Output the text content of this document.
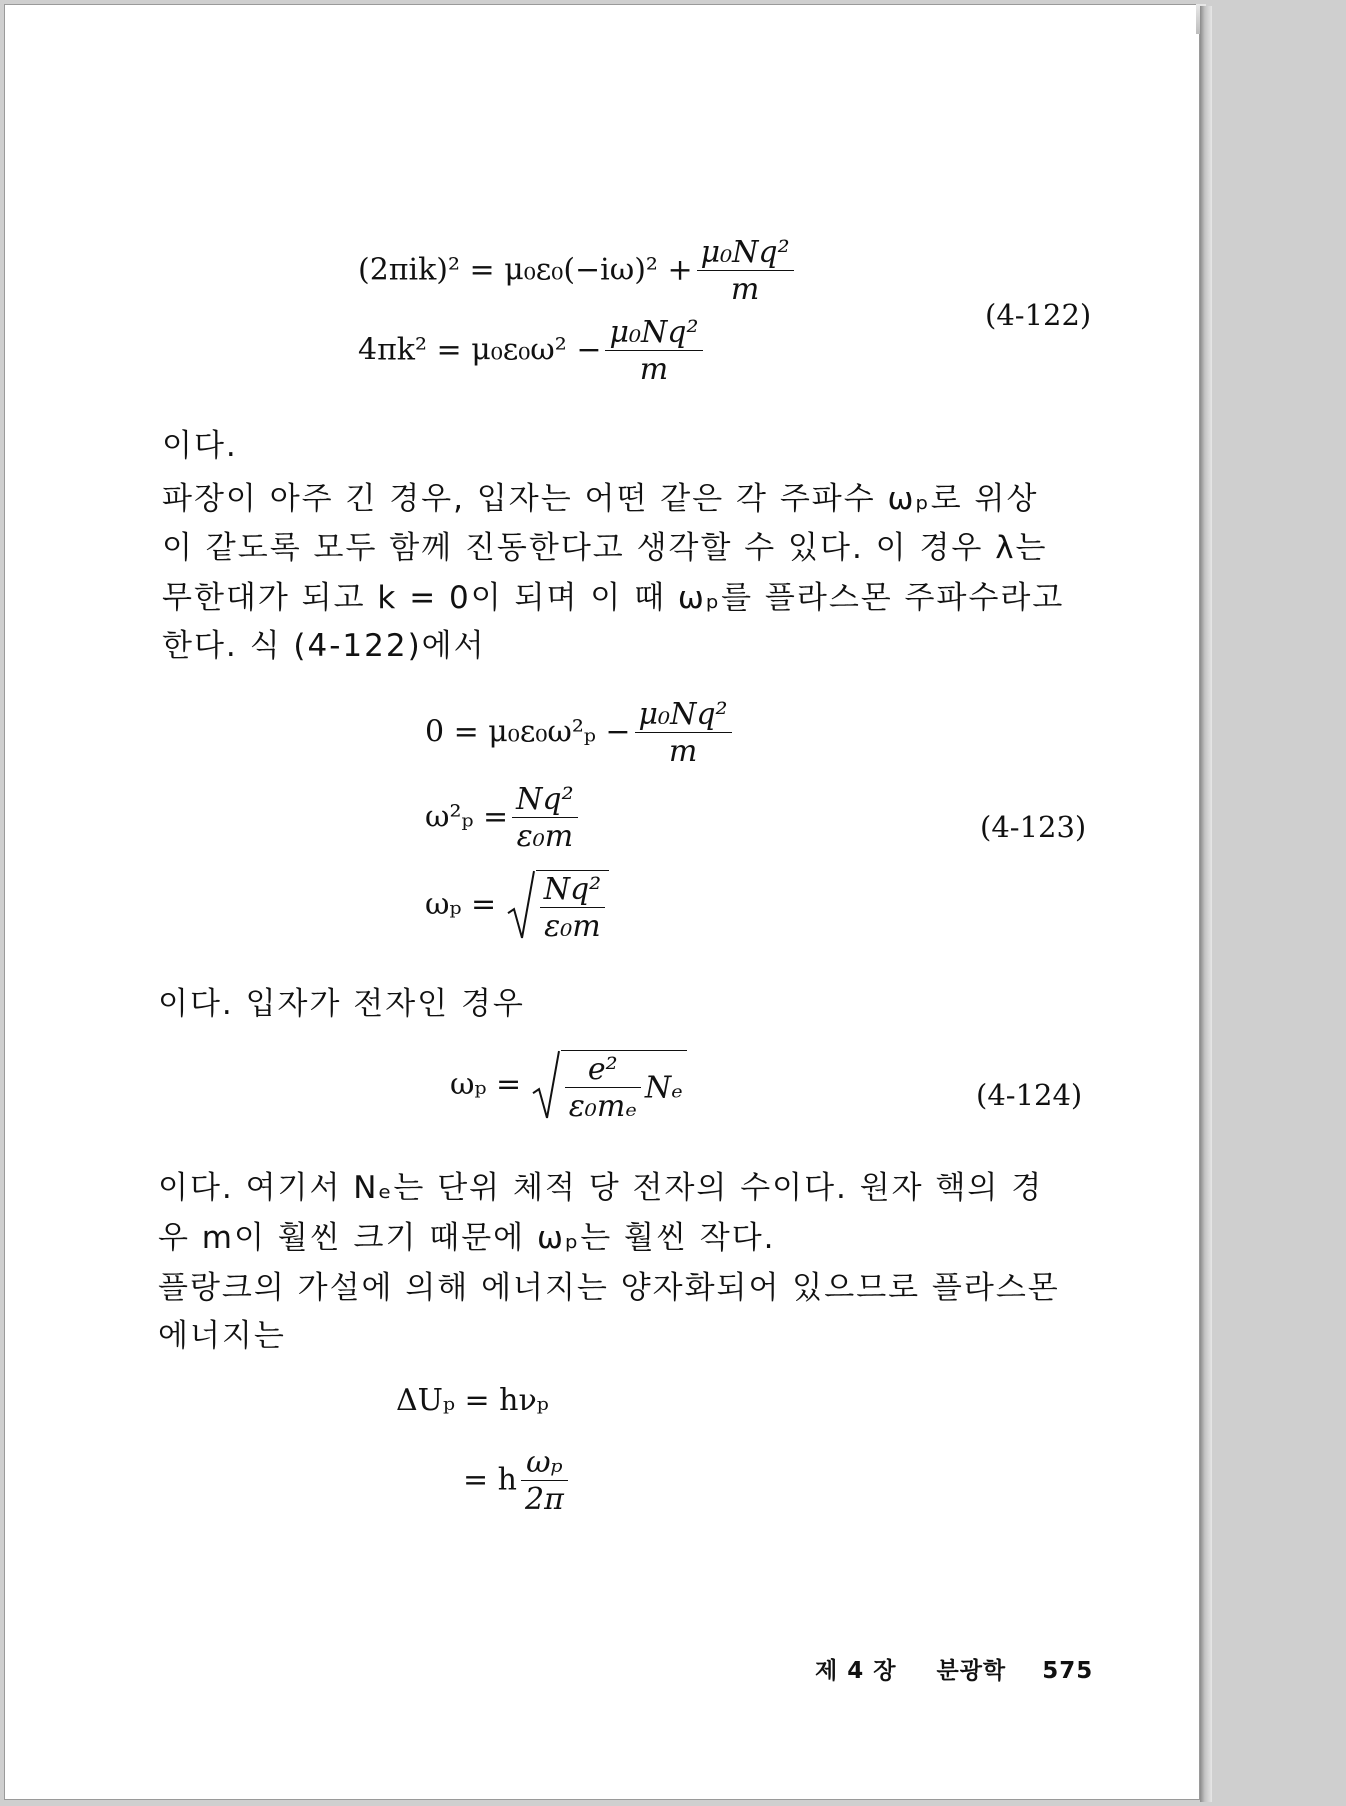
$(2\pi ik)^2 = \mu_0\varepsilon_0(-i\omega)^2 + \frac{\text{μ₀Nq²}}{m}$
$4\pi k^2 = \mu_0\varepsilon_0\omega^2 - \frac{\text{μ₀Nq²}}{m}$
(4-122)
이다.
파장이 아주 긴 경우, 입자는 어떤 같은 각 주파수 ωₚ로 위상
이 같도록 모두 함께 진동한다고 생각할 수 있다. 이 경우 λ는
무한대가 되고 k = 0이 되며 이 때 ωₚ를 플라스몬 주파수라고
한다. 식 (4-122)에서
$0 = \mu_0\varepsilon_0\omega^2_p - \frac{\text{μ₀Nq²}}{m}$
$\omega^2_p = \frac{\text{Nq²}}{\text{ε₀m}}$
$\omega_p = \frac{\text{Nq²}}{\text{ε₀m}}$
(4-123)
이다. 입자가 전자인 경우
$\omega_p = \frac{\text{e²}}{\text{ε₀mₑ}}$ Nₑ	(4-124)
이다. 여기서 Nₑ는 단위 체적 당 전자의 수이다. 원자 핵의 경
우 m이 훨씬 크기 때문에 ωₚ는 훨씬 작다.
플랑크의 가설에 의해 에너지는 양자화되어 있으므로 플라스몬
에너지는
ΔUₚ = hνₚ
= h $\frac{\text{ωₚ}}{2\pi}$
제 4 장 분광학 575
